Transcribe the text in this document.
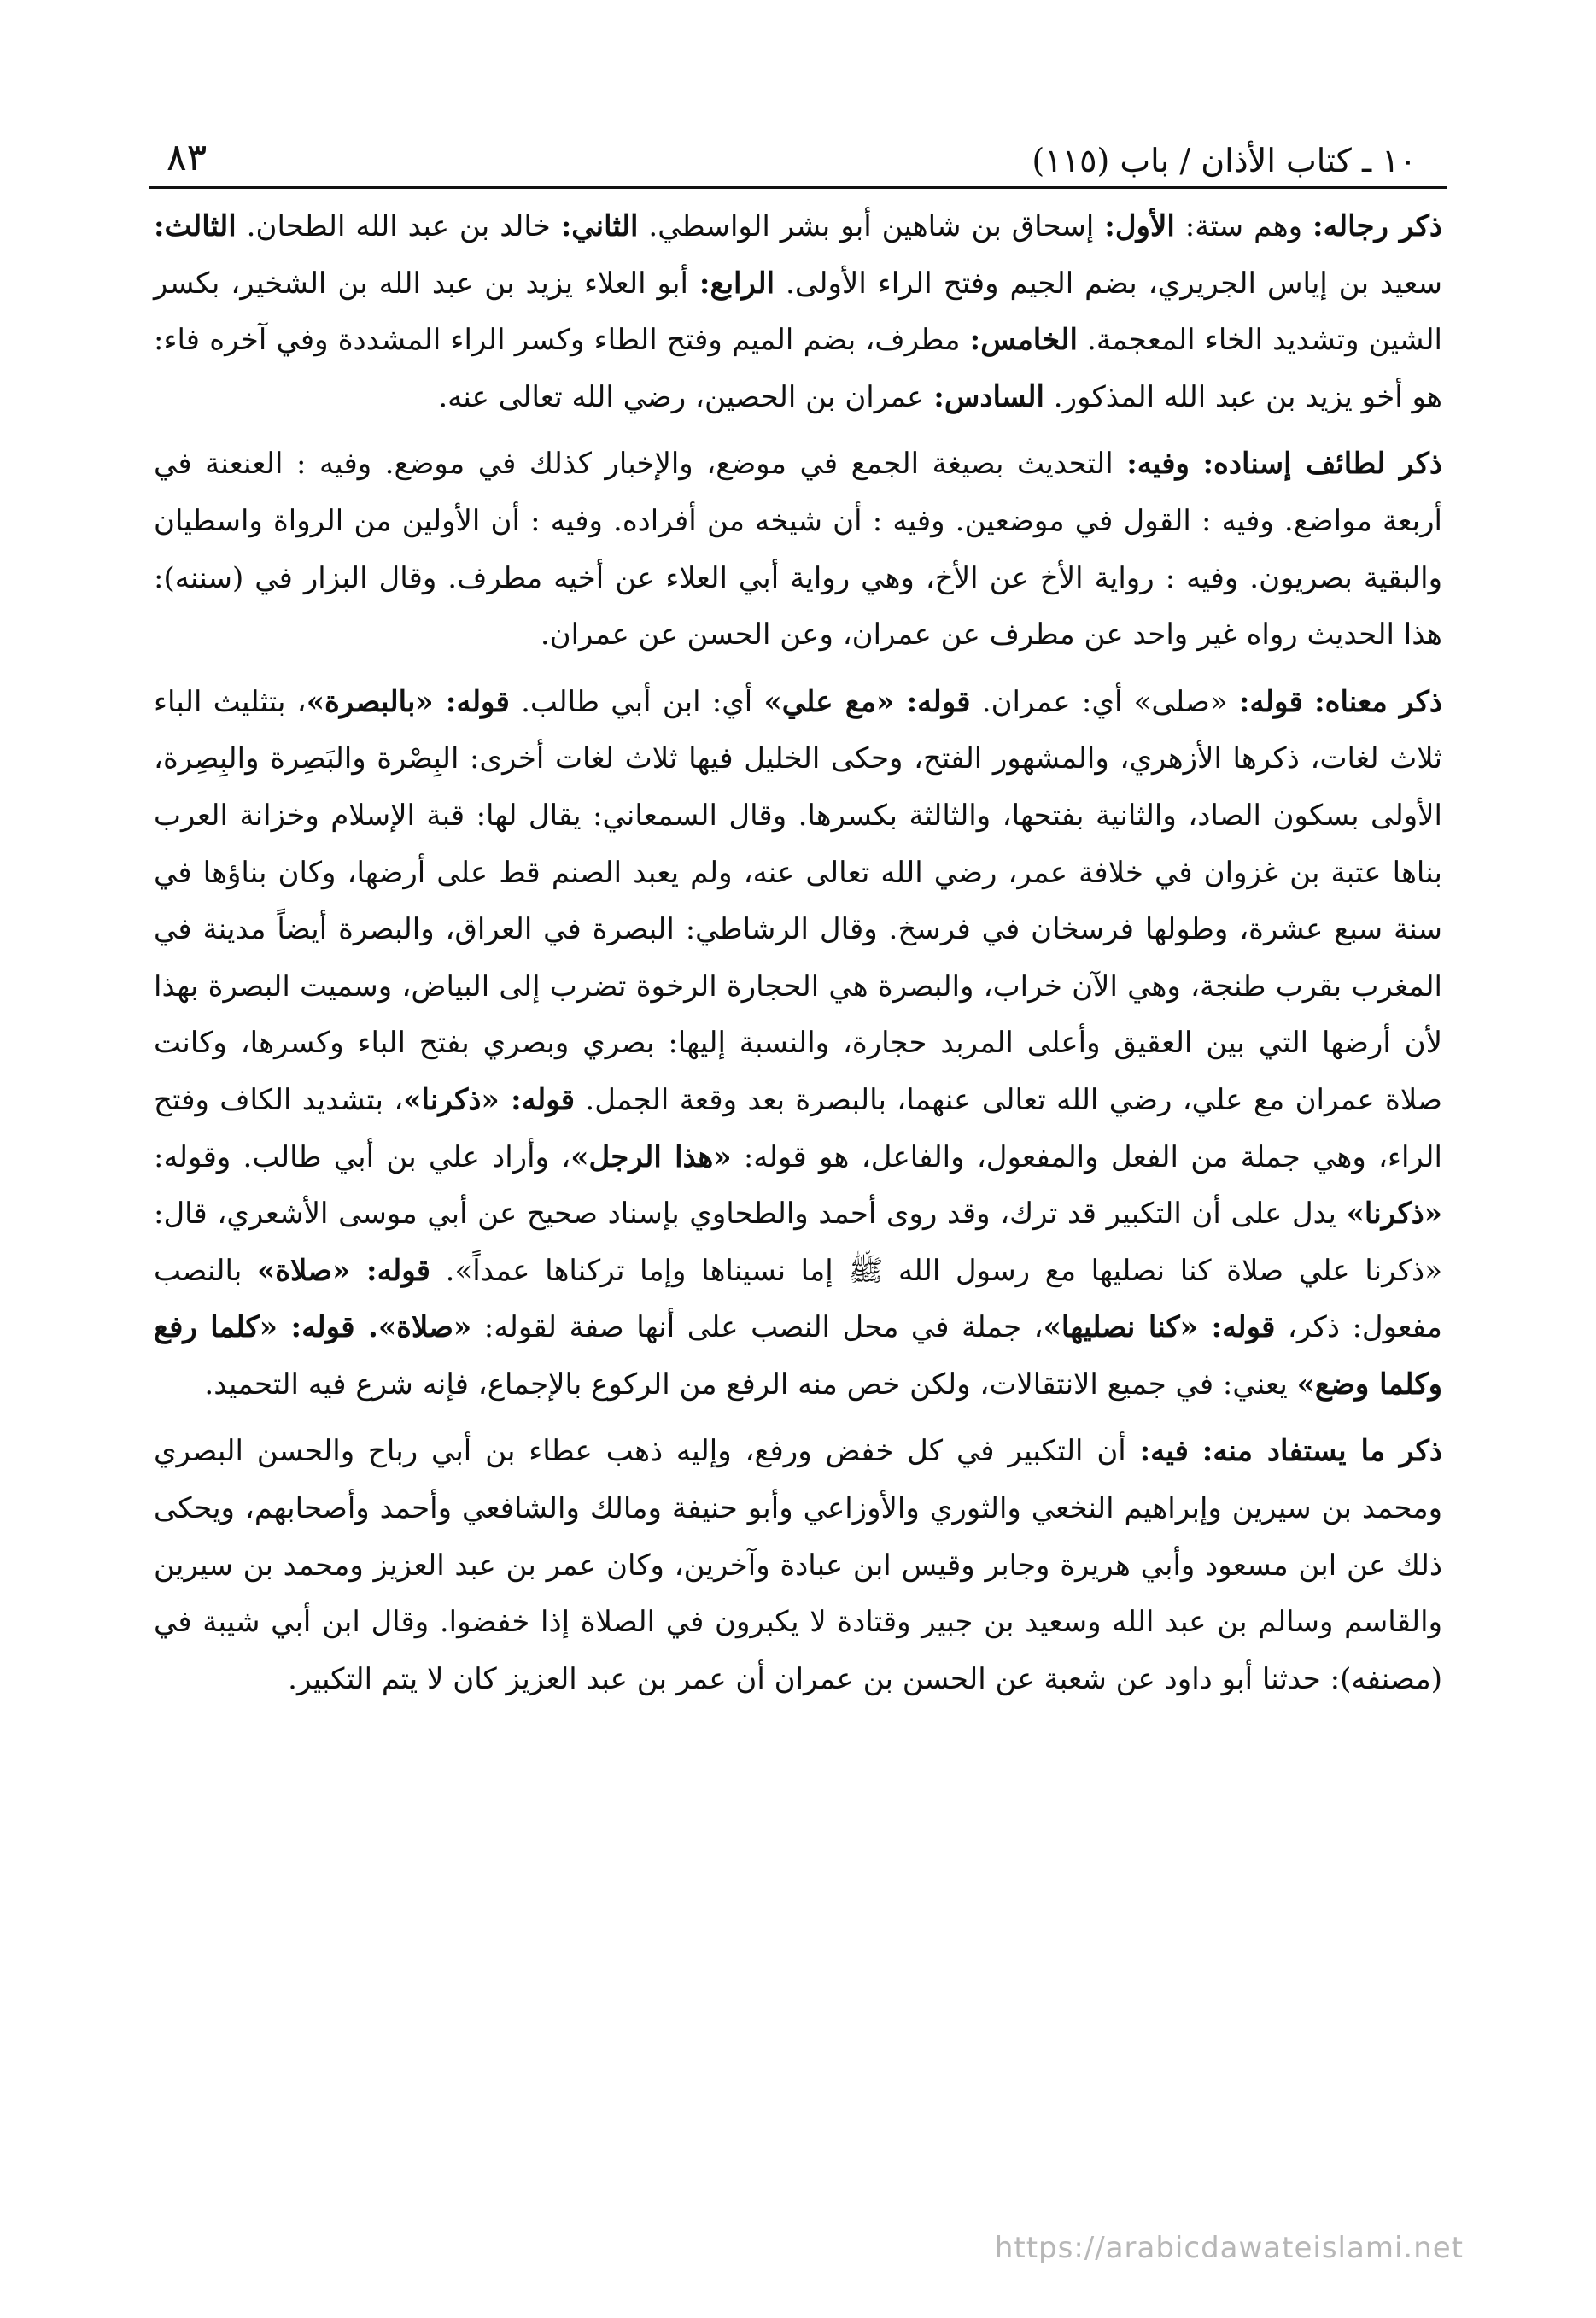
١٠ ـ كتاب الأذان / باب (١١٥)
٨٣

ذكر رجاله: وهم ستة: الأول: إسحاق بن شاهين أبو بشر الواسطي. الثاني: خالد بن عبد الله الطحان. الثالث: سعيد بن إياس الجريري، بضم الجيم وفتح الراء الأولى. الرابع: أبو العلاء يزيد بن عبد الله بن الشخير، بكسر الشين وتشديد الخاء المعجمة. الخامس: مطرف، بضم الميم وفتح الطاء وكسر الراء المشددة وفي آخره فاء: هو أخو يزيد بن عبد الله المذكور. السادس: عمران بن الحصين، رضي الله تعالى عنه.

ذكر لطائف إسناده: وفيه: التحديث بصيغة الجمع في موضع، والإخبار كذلك في موضع. وفيه : العنعنة في أربعة مواضع. وفيه : القول في موضعين. وفيه : أن شيخه من أفراده. وفيه : أن الأولين من الرواة واسطيان والبقية بصريون. وفيه : رواية الأخ عن الأخ، وهي رواية أبي العلاء عن أخيه مطرف. وقال البزار في (سننه): هذا الحديث رواه غير واحد عن مطرف عن عمران، وعن الحسن عن عمران.

ذكر معناه: قوله: «صلى» أي: عمران. قوله: «مع علي» أي: ابن أبي طالب. قوله: «بالبصرة»، بتثليث الباء ثلاث لغات، ذكرها الأزهري، والمشهور الفتح، وحكى الخليل فيها ثلاث لغات أخرى: البِصْرة والبَصِرة والبِصِرة، الأولى بسكون الصاد، والثانية بفتحها، والثالثة بكسرها. وقال السمعاني: يقال لها: قبة الإسلام وخزانة العرب بناها عتبة بن غزوان في خلافة عمر، رضي الله تعالى عنه، ولم يعبد الصنم قط على أرضها، وكان بناؤها في سنة سبع عشرة، وطولها فرسخان في فرسخ. وقال الرشاطي: البصرة في العراق، والبصرة أيضاً مدينة في المغرب بقرب طنجة، وهي الآن خراب، والبصرة هي الحجارة الرخوة تضرب إلى البياض، وسميت البصرة بهذا لأن أرضها التي بين العقيق وأعلى المربد حجارة، والنسبة إليها: بصري وبصري بفتح الباء وكسرها، وكانت صلاة عمران مع علي، رضي الله تعالى عنهما، بالبصرة بعد وقعة الجمل. قوله: «ذكرنا»، بتشديد الكاف وفتح الراء، وهي جملة من الفعل والمفعول، والفاعل، هو قوله: «هذا الرجل»، وأراد علي بن أبي طالب. وقوله: «ذكرنا» يدل على أن التكبير قد ترك، وقد روى أحمد والطحاوي بإسناد صحيح عن أبي موسى الأشعري، قال: «ذكرنا علي صلاة كنا نصليها مع رسول الله ﷺ إما نسيناها وإما تركناها عمداً». قوله: «صلاة» بالنصب مفعول: ذكر، قوله: «كنا نصليها»، جملة في محل النصب على أنها صفة لقوله: «صلاة». قوله: «كلما رفع وكلما وضع» يعني: في جميع الانتقالات، ولكن خص منه الرفع من الركوع بالإجماع، فإنه شرع فيه التحميد.

ذكر ما يستفاد منه: فيه: أن التكبير في كل خفض ورفع، وإليه ذهب عطاء بن أبي رباح والحسن البصري ومحمد بن سيرين وإبراهيم النخعي والثوري والأوزاعي وأبو حنيفة ومالك والشافعي وأحمد وأصحابهم، ويحكى ذلك عن ابن مسعود وأبي هريرة وجابر وقيس ابن عبادة وآخرين، وكان عمر بن عبد العزيز ومحمد بن سيرين والقاسم وسالم بن عبد الله وسعيد بن جبير وقتادة لا يكبرون في الصلاة إذا خفضوا. وقال ابن أبي شيبة في (مصنفه): حدثنا أبو داود عن شعبة عن الحسن بن عمران أن عمر بن عبد العزيز كان لا يتم التكبير.

https://arabicdawateislami.net
